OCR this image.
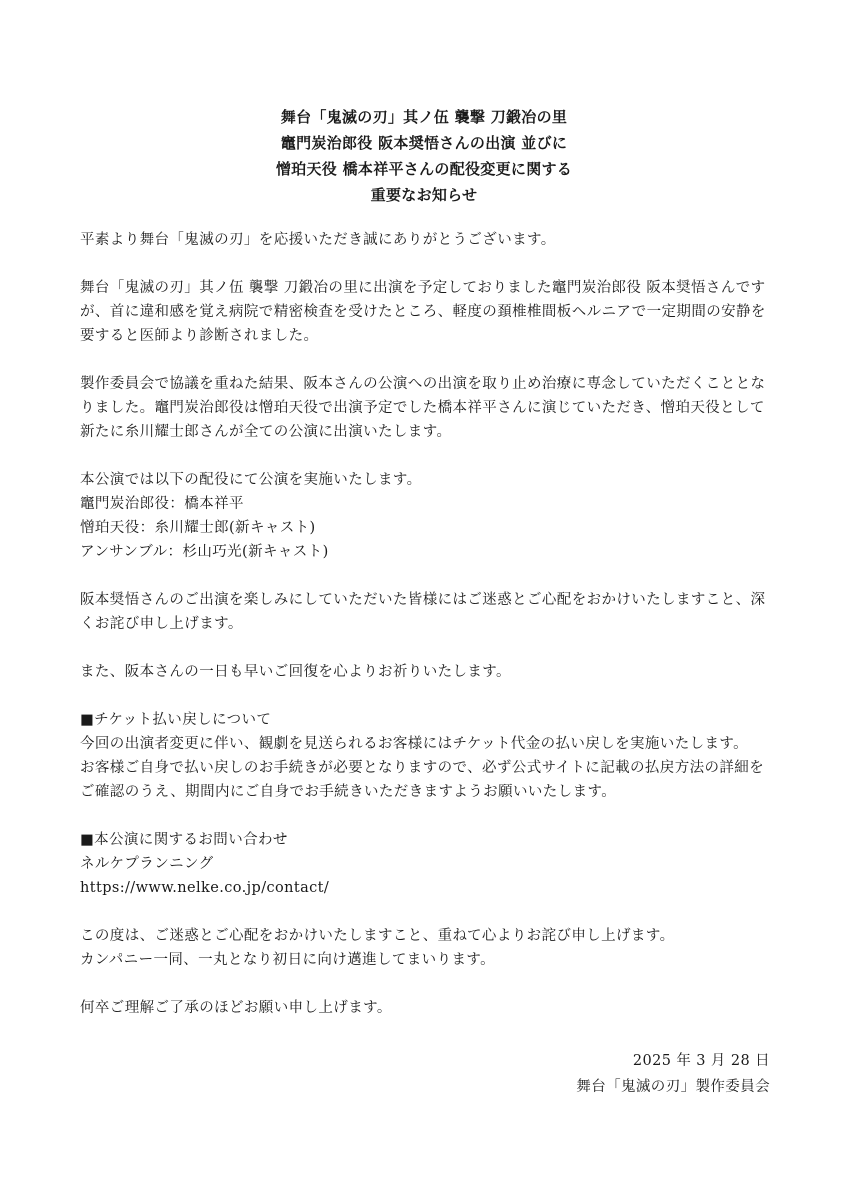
舞台「鬼滅の刃」其ノ伍 襲撃 刀鍛冶の里
竈門炭治郎役 阪本奨悟さんの出演 並びに
憎珀天役 橋本祥平さんの配役変更に関する
重要なお知らせ
平素より舞台「鬼滅の刃」を応援いただき誠にありがとうございます。
舞台「鬼滅の刃」其ノ伍 襲撃 刀鍛冶の里に出演を予定しておりました竈門炭治郎役 阪本奨悟さんです
が、首に違和感を覚え病院で精密検査を受けたところ、軽度の頚椎椎間板ヘルニアで一定期間の安静を
要すると医師より診断されました。
製作委員会で協議を重ねた結果、阪本さんの公演への出演を取り止め治療に専念していただくこととな
りました。竈門炭治郎役は憎珀天役で出演予定でした橋本祥平さんに演じていただき、憎珀天役として
新たに糸川耀士郎さんが全ての公演に出演いたします。
本公演では以下の配役にて公演を実施いたします。
竈門炭治郎役：橋本祥平
憎珀天役：糸川耀士郎(新キャスト)
アンサンブル：杉山巧光(新キャスト)
阪本奨悟さんのご出演を楽しみにしていただいた皆様にはご迷惑とご心配をおかけいたしますこと、深
くお詫び申し上げます。
また、阪本さんの一日も早いご回復を心よりお祈りいたします。
■チケット払い戻しについて
今回の出演者変更に伴い、観劇を見送られるお客様にはチケット代金の払い戻しを実施いたします。
お客様ご自身で払い戻しのお手続きが必要となりますので、必ず公式サイトに記載の払戻方法の詳細を
ご確認のうえ、期間内にご自身でお手続きいただきますようお願いいたします。
■本公演に関するお問い合わせ
ネルケプランニング
https://www.nelke.co.jp/contact/
この度は、ご迷惑とご心配をおかけいたしますこと、重ねて心よりお詫び申し上げます。
カンパニー一同、一丸となり初日に向け邁進してまいります。
何卒ご理解ご了承のほどお願い申し上げます。
2025 年 3 月 28 日
舞台「鬼滅の刃」製作委員会
